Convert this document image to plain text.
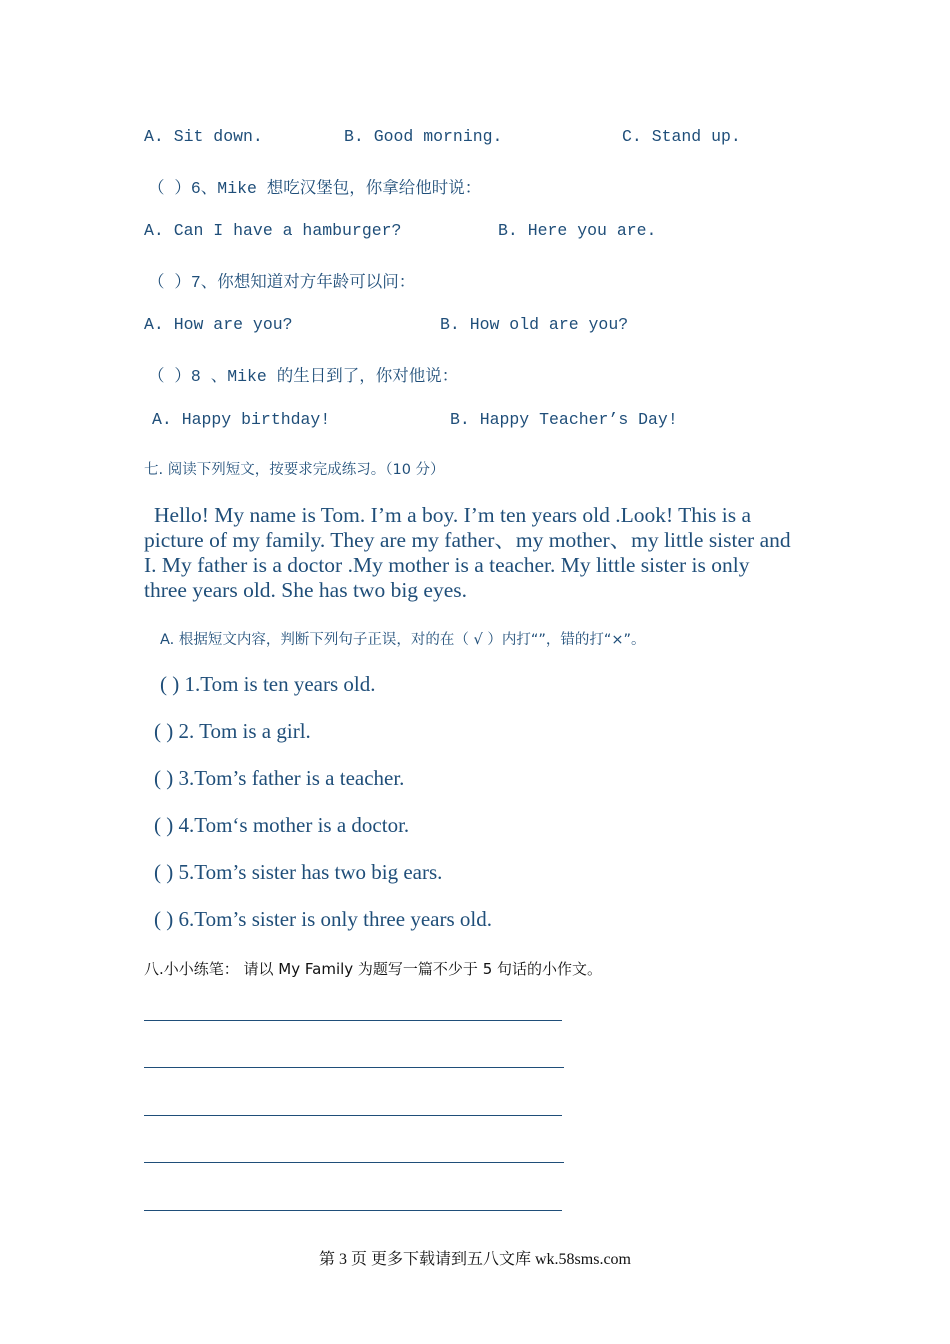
A. Sit down.	B. Good morning.	C. Stand up.
（ ）6、Mike 想吃汉堡包，你拿给他时说：
A. Can I have a hamburger?	B. Here you are.
（ ）7、你想知道对方年龄可以问：
A. How are you?	B. How old are you?
（ ）8 、Mike 的生日到了，你对他说：
A. Happy birthday!	B. Happy Teacher’s Day!
七. 阅读下列短文，按要求完成练习。（10 分）
Hello! My name is Tom. I’m a boy. I’m ten years old .Look! This is a picture of my family. They are my father、my mother、my little sister and I. My father is a doctor .My mother is a teacher. My little sister is only three years old. She has two big eyes.
A. 根据短文内容，判断下列句子正误，对的在（ √ ）内打“”，错的打“×”。
( ) 1.Tom is ten years old.
( ) 2. Tom is a girl.
( ) 3.Tom’s father is a teacher.
( ) 4.Tom‘s mother is a doctor.
( ) 5.Tom’s sister has two big ears.
( ) 6.Tom’s sister is only three years old.
八.小小练笔： 请以 My Family 为题写一篇不少于 5 句话的小作文。
第 3 页 更多下载请到五八文库 wk.58sms.com
